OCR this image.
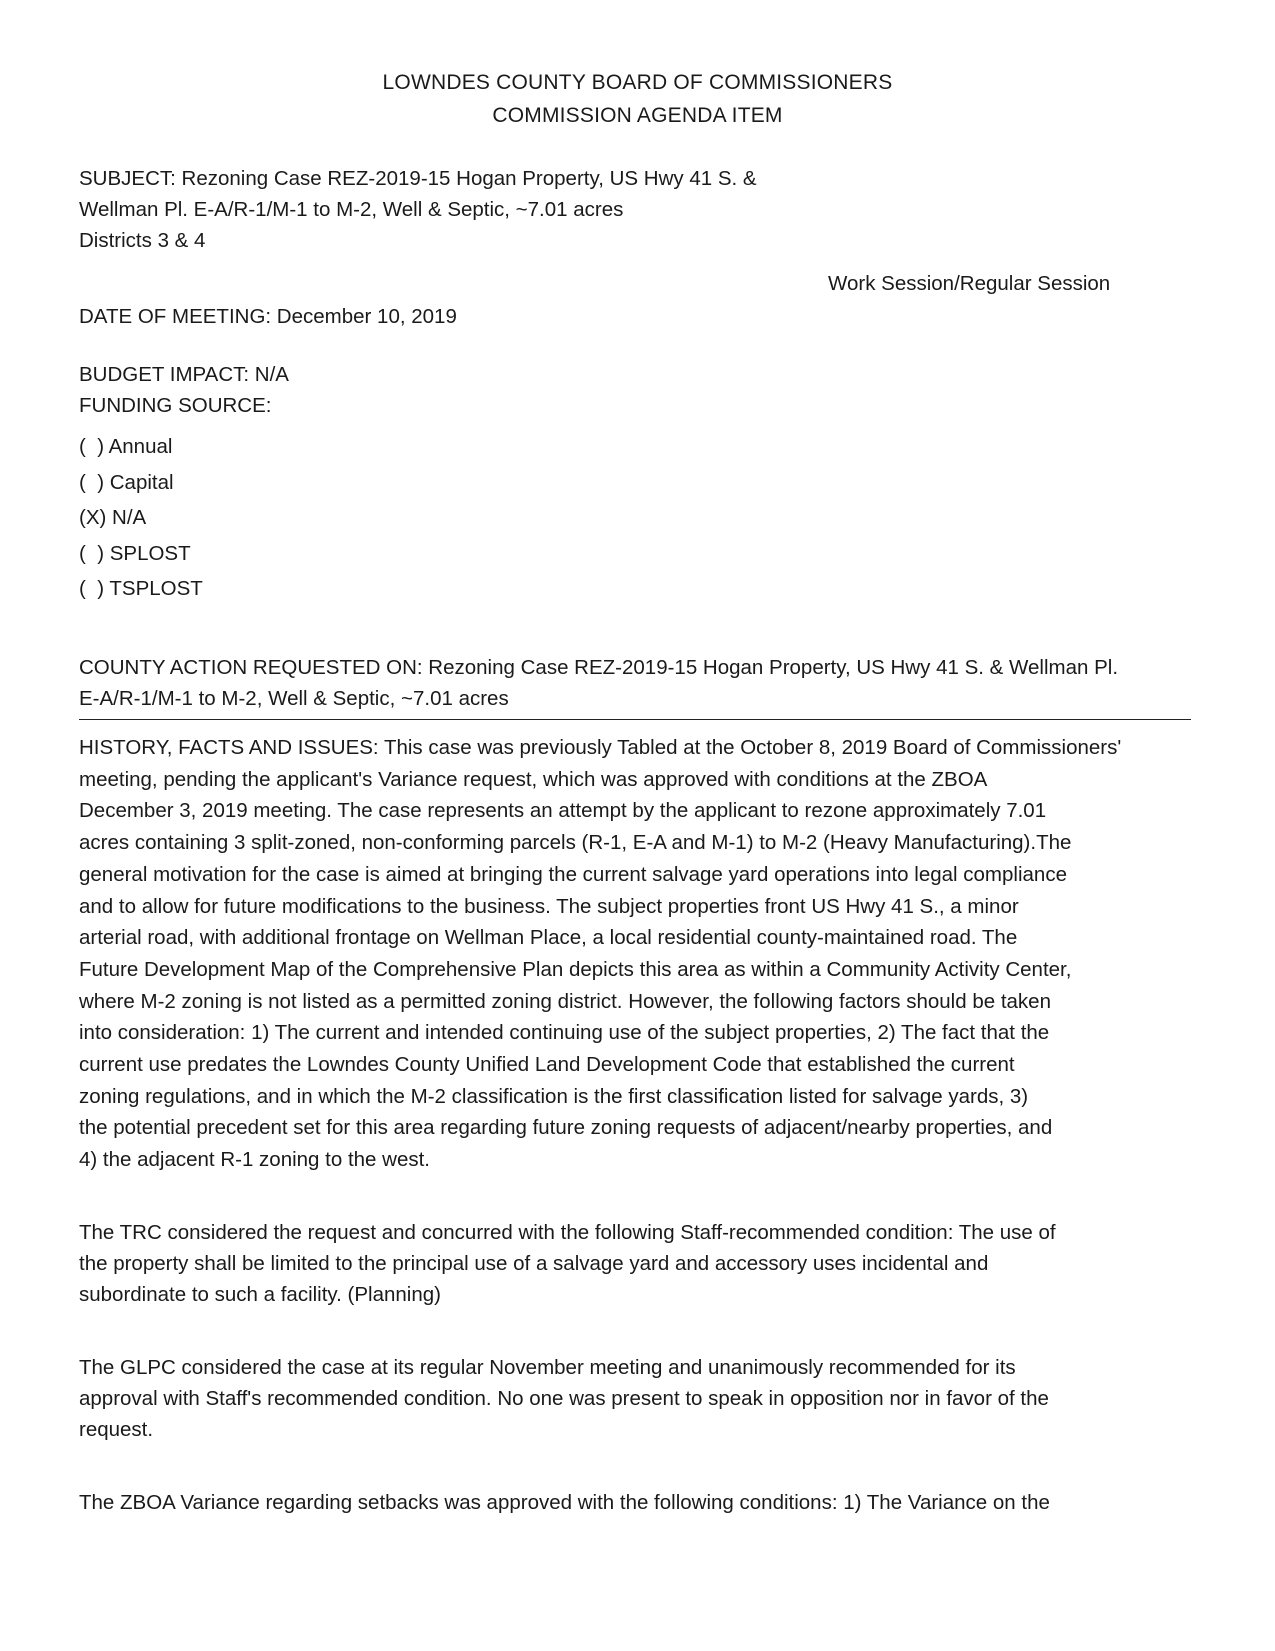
LOWNDES COUNTY BOARD OF COMMISSIONERS
COMMISSION AGENDA ITEM
SUBJECT: Rezoning Case REZ-2019-15 Hogan Property, US Hwy 41 S. &
Wellman Pl. E-A/R-1/M-1 to M-2, Well & Septic, ~7.01 acres
Districts 3 & 4
Work Session/Regular Session
DATE OF MEETING: December 10, 2019
BUDGET IMPACT: N/A
FUNDING SOURCE:
(  ) Annual
(  ) Capital
(X) N/A
(  ) SPLOST
(  ) TSPLOST
COUNTY ACTION REQUESTED ON: Rezoning Case REZ-2019-15 Hogan Property, US Hwy 41 S. & Wellman Pl.
E-A/R-1/M-1 to M-2, Well & Septic, ~7.01 acres
HISTORY, FACTS AND ISSUES: This case was previously Tabled at the October 8, 2019 Board of Commissioners'
meeting, pending the applicant's Variance request, which was approved with conditions at the ZBOA
December 3, 2019 meeting. The case represents an attempt by the applicant to rezone approximately 7.01
acres containing 3 split-zoned, non-conforming parcels (R-1, E-A and M-1) to M-2 (Heavy Manufacturing).The
general motivation for the case is aimed at bringing the current salvage yard operations into legal compliance
and to allow for future modifications to the business. The subject properties front US Hwy 41 S., a minor
arterial road, with additional frontage on Wellman Place, a local residential county-maintained road. The
Future Development Map of the Comprehensive Plan depicts this area as within a Community Activity Center,
where M-2 zoning is not listed as a permitted zoning district. However, the following factors should be taken
into consideration: 1) The current and intended continuing use of the subject properties, 2) The fact that the
current use predates the Lowndes County Unified Land Development Code that established the current
zoning regulations, and in which the M-2 classification is the first classification listed for salvage yards, 3)
the potential precedent set for this area regarding future zoning requests of adjacent/nearby properties, and
4) the adjacent R-1 zoning to the west.
The TRC considered the request and concurred with the following Staff-recommended condition: The use of
the property shall be limited to the principal use of a salvage yard and accessory uses incidental and
subordinate to such a facility. (Planning)
The GLPC considered the case at its regular November meeting and unanimously recommended for its
approval with Staff's recommended condition. No one was present to speak in opposition nor in favor of the
request.
The ZBOA Variance regarding setbacks was approved with the following conditions: 1) The Variance on the
